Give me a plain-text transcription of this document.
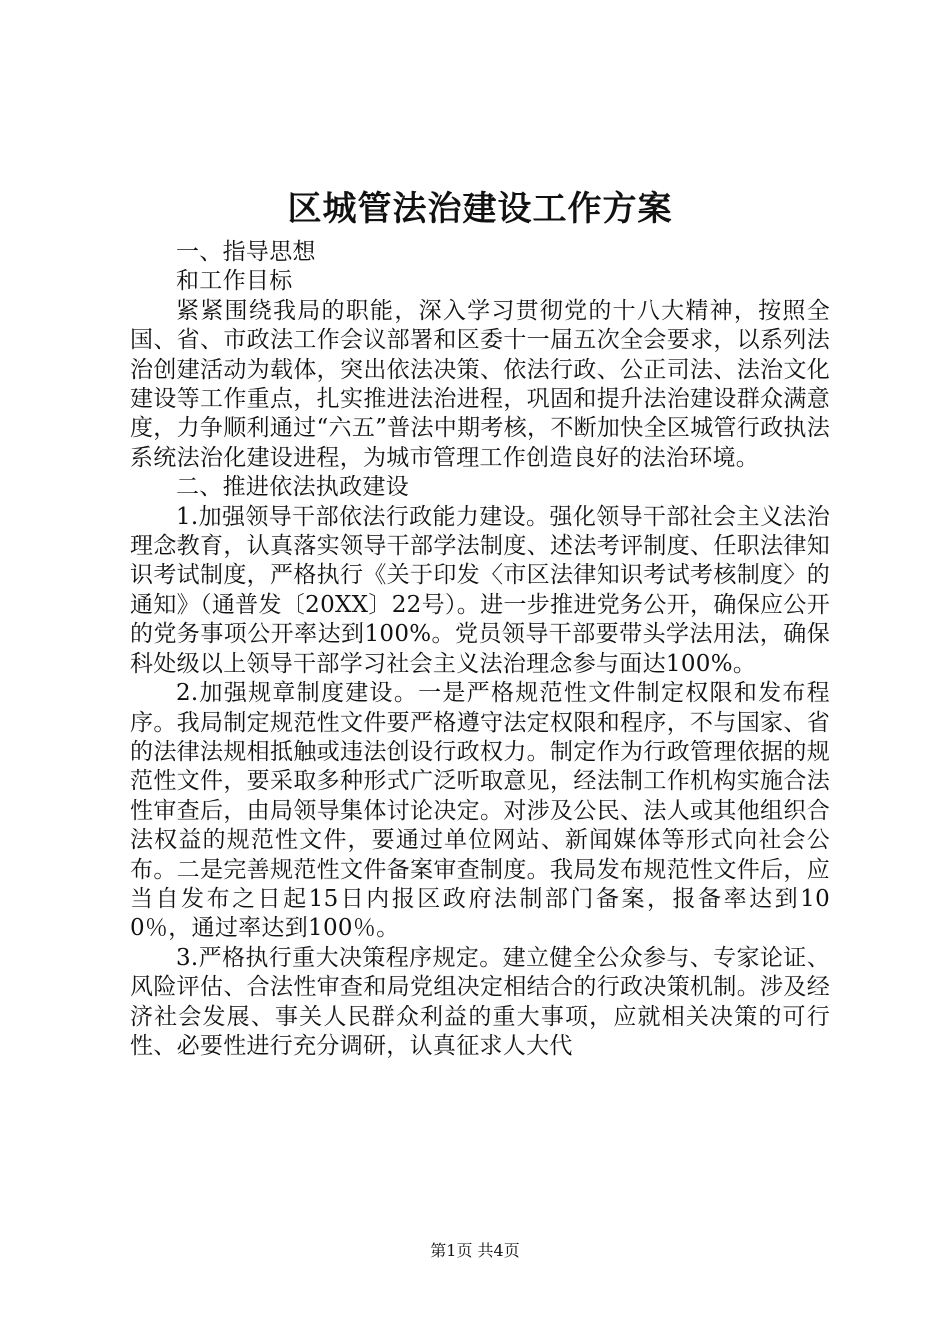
区城管法治建设工作方案

一、指导思想

和工作目标

紧紧围绕我局的职能，深入学习贯彻党的十八大精神，按照全国、省、市政法工作会议部署和区委十一届五次全会要求，以系列法治创建活动为载体，突出依法决策、依法行政、公正司法、法治文化建设等工作重点，扎实推进法治进程，巩固和提升法治建设群众满意度，力争顺利通过“六五”普法中期考核，不断加快全区城管行政执法系统法治化建设进程，为城市管理工作创造良好的法治环境。

二、推进依法执政建设

1.加强领导干部依法行政能力建设。强化领导干部社会主义法治理念教育，认真落实领导干部学法制度、述法考评制度、任职法律知识考试制度，严格执行《关于印发〈市区法律知识考试考核制度〉的通知》（通普发〔20XX〕22号）。进一步推进党务公开，确保应公开的党务事项公开率达到100%。党员领导干部要带头学法用法，确保科处级以上领导干部学习社会主义法治理念参与面达100%。

2.加强规章制度建设。一是严格规范性文件制定权限和发布程序。我局制定规范性文件要严格遵守法定权限和程序，不与国家、省的法律法规相抵触或违法创设行政权力。制定作为行政管理依据的规范性文件，要采取多种形式广泛听取意见，经法制工作机构实施合法性审查后，由局领导集体讨论决定。对涉及公民、法人或其他组织合法权益的规范性文件，要通过单位网站、新闻媒体等形式向社会公布。二是完善规范性文件备案审查制度。我局发布规范性文件后，应当自发布之日起15日内报区政府法制部门备案，报备率达到100％，通过率达到100％。

3.严格执行重大决策程序规定。建立健全公众参与、专家论证、风险评估、合法性审查和局党组决定相结合的行政决策机制。涉及经济社会发展、事关人民群众利益的重大事项，应就相关决策的可行性、必要性进行充分调研，认真征求人大代

第1页 共4页
